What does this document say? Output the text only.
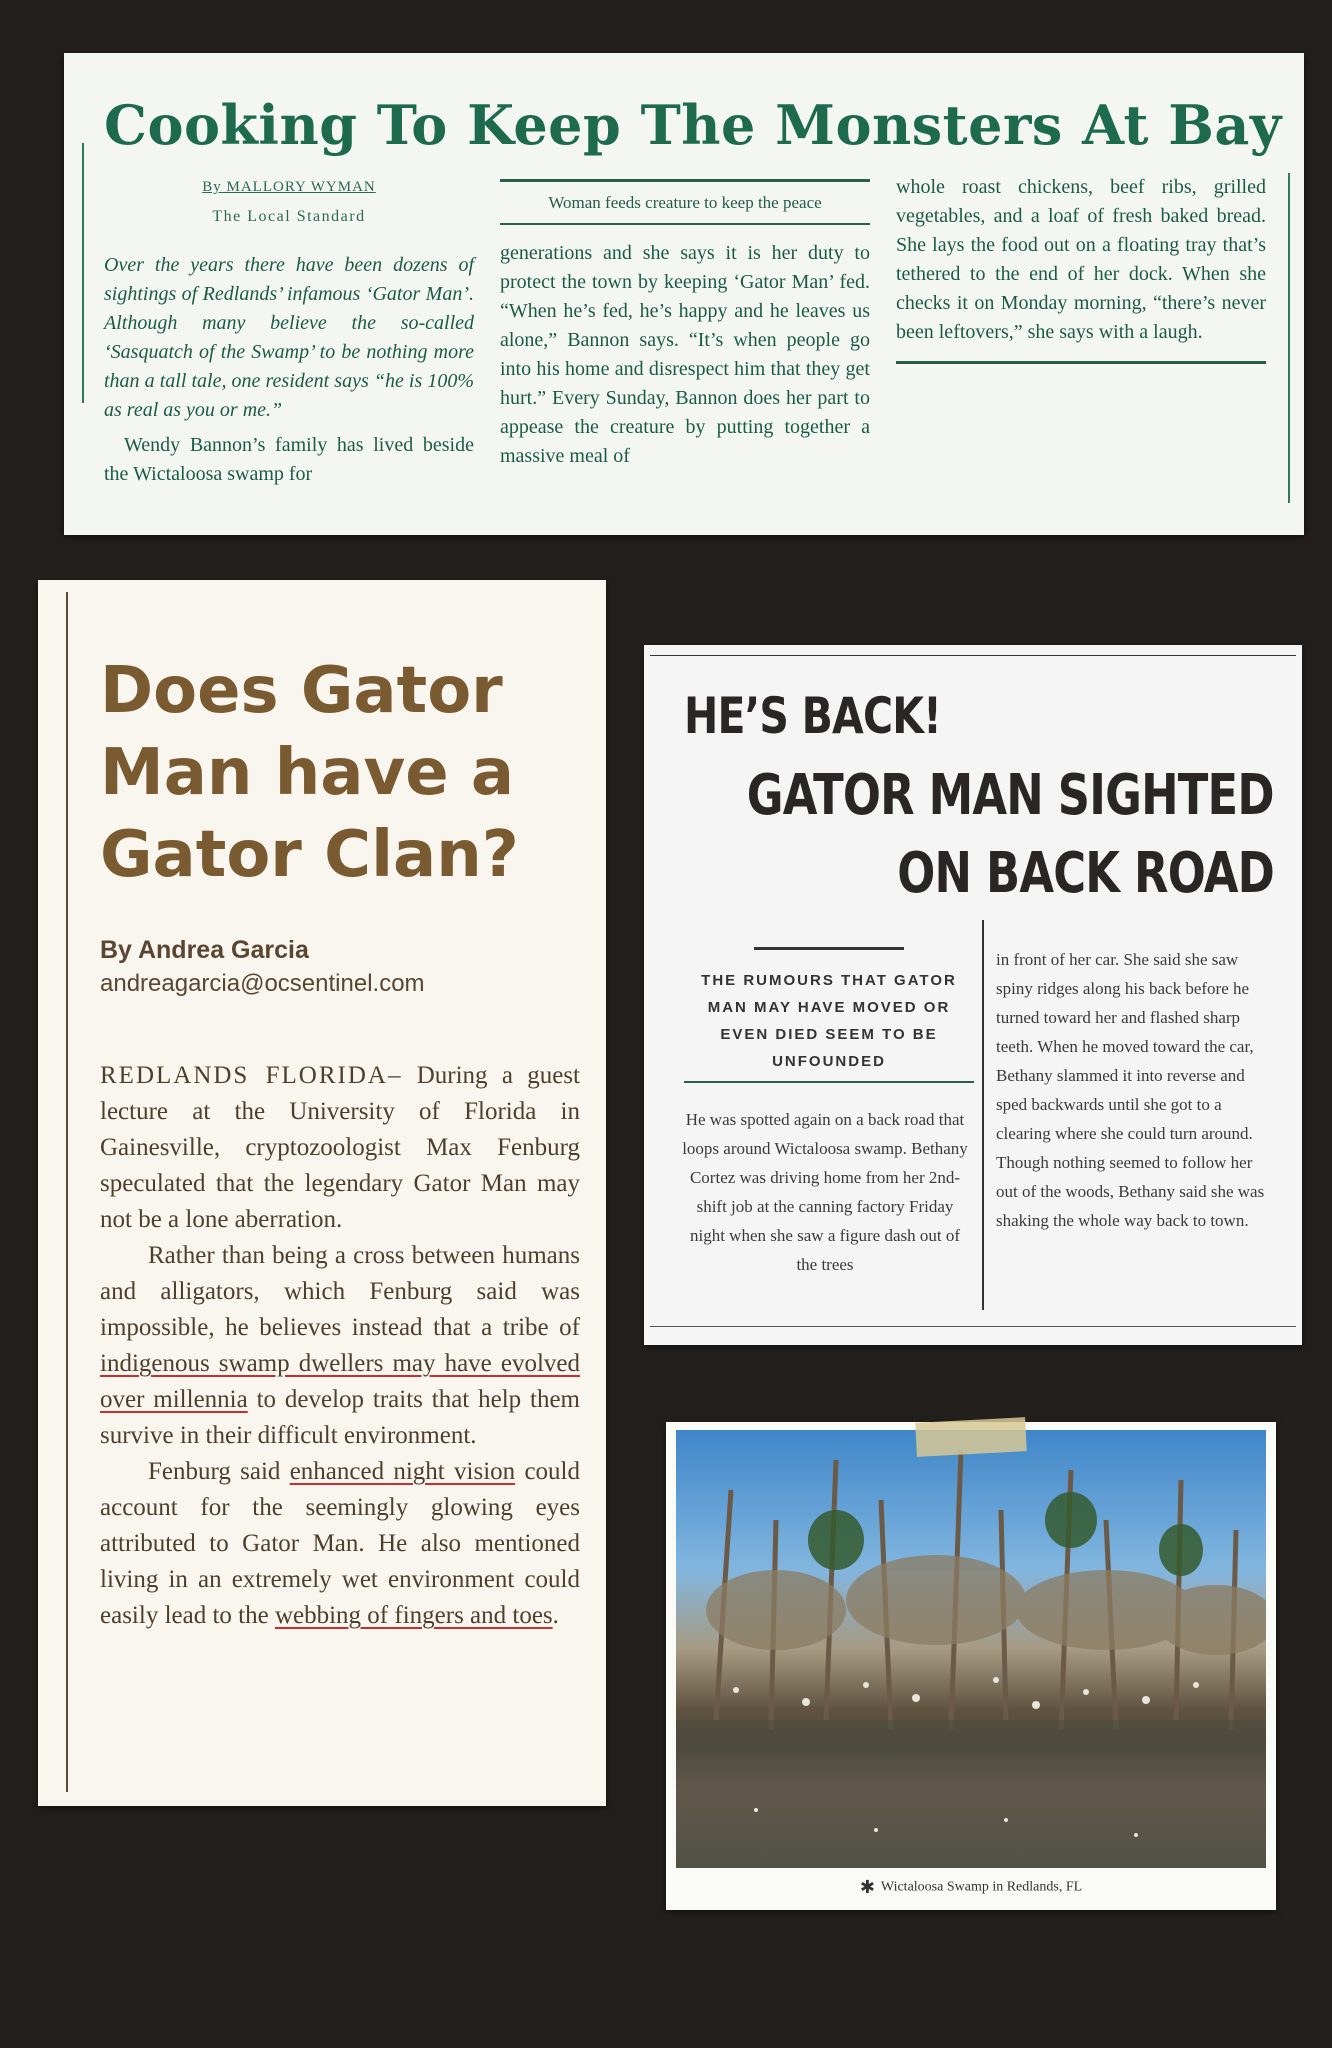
Cooking To Keep The Monsters At Bay
By MALLORY WYMAN
The Local Standard
Over the years there have been dozens of sightings of Redlands’ infamous ‘Gator Man’. Although many believe the so-called ‘Sasquatch of the Swamp’ to be nothing more than a tall tale, one resident says “he is 100% as real as you or me.”
Wendy Bannon’s family has lived beside the Wictaloosa swamp for
Woman feeds creature to keep the peace
generations and she says it is her duty to protect the town by keeping ‘Gator Man’ fed. “When he’s fed, he’s happy and he leaves us alone,” Bannon says. “It’s when people go into his home and disrespect him that they get hurt.” Every Sunday, Bannon does her part to appease the creature by putting together a massive meal of
whole roast chickens, beef ribs, grilled vegetables, and a loaf of fresh baked bread. She lays the food out on a floating tray that’s tethered to the end of her dock. When she checks it on Monday morning, “there’s never been leftovers,” she says with a laugh.
Does Gator Man have a Gator Clan?
By Andrea Garcia
andreagarcia@ocsentinel.com

REDLANDS FLORIDA– During a guest lecture at the University of Florida in Gainesville, cryptozoologist Max Fenburg speculated that the legendary Gator Man may not be a lone aberration.

Rather than being a cross between humans and alligators, which Fenburg said was impossible, he believes instead that a tribe of indigenous swamp dwellers may have evolved over millennia to develop traits that help them survive in their difficult environment.

Fenburg said enhanced night vision could account for the seemingly glowing eyes attributed to Gator Man. He also mentioned living in an extremely wet environment could easily lead to the webbing of fingers and toes.

HE’S BACK!
GATOR MAN SIGHTED
ON BACK ROAD
THE RUMOURS THAT GATOR MAN MAY HAVE MOVED OR EVEN DIED SEEM TO BE UNFOUNDED
He was spotted again on a back road that loops around Wictaloosa swamp. Bethany Cortez was driving home from her 2nd-shift job at the canning factory Friday night when she saw a figure dash out of the trees
in front of her car. She said she saw spiny ridges along his back before he turned toward her and flashed sharp teeth. When he moved toward the car, Bethany slammed it into reverse and sped backwards until she got to a clearing where she could turn around. Though nothing seemed to follow her out of the woods, Bethany said she was shaking the whole way back to town.
✱ Wictaloosa Swamp in Redlands, FL
